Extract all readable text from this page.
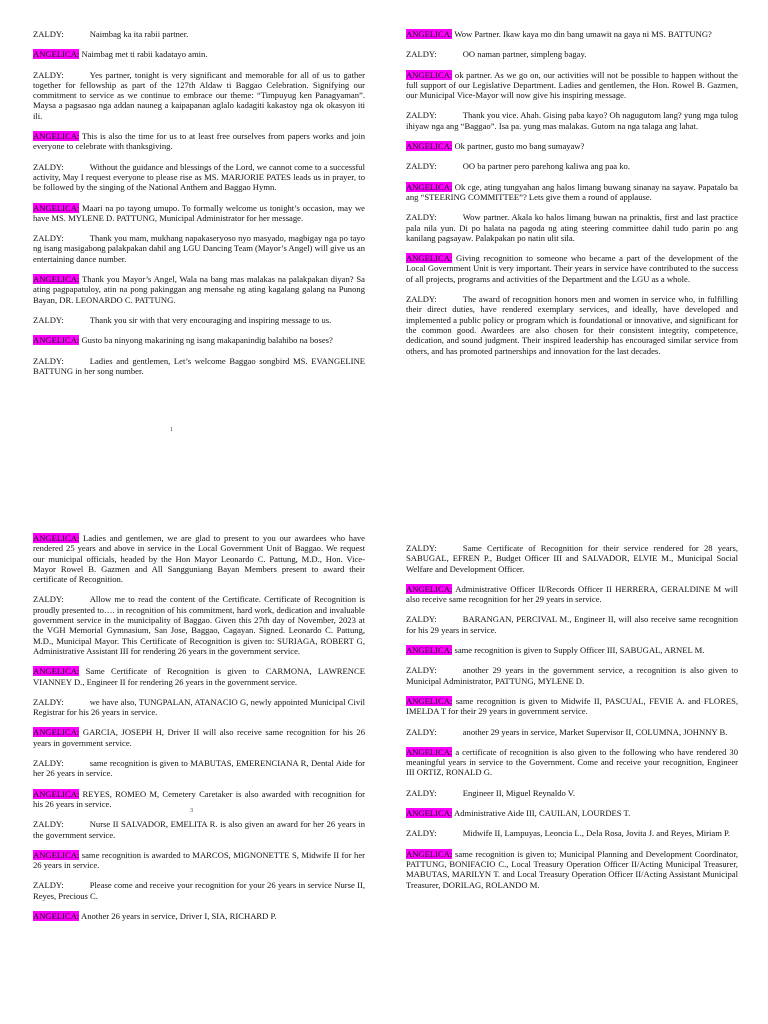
ZALDY:	Naimbag ka ita rabii partner.
ANGELICA: Naimbag met ti rabii kadatayo amin.
ZALDY:	Yes partner, tonight is very significant and memorable for all of us to gather together for fellowship as part of the 127th Aldaw ti Baggao Celebration. Signifying our commitment to service as we continue to embrace our theme: “Timpuyug ken Panagyaman”. Maysa a pagsasao nga addan nauneg a kaipapanan aglalo kadagiti kakastoy nga ok okasyon iti ili.
ANGELICA: This is also the time for us to at least free ourselves from papers works and join everyone to celebrate with thanksgiving.
ZALDY:	Without the guidance and blessings of the Lord, we cannot come to a successful activity, May I request everyone to please rise as MS. MARJORIE PATES leads us in prayer, to be followed by the singing of the National Anthem and Baggao Hymn.
ANGELICA: Maari na po tayong umupo. To formally welcome us tonight’s occasion, may we have MS. MYLENE D. PATTUNG, Municipal Administrator for her message.
ZALDY:	Thank you mam, mukhang napakaseryoso nyo masyado, magbigay nga po tayo ng isang masigabong palakpakan dahil ang LGU Dancing Team (Mayor’s Angel) will give us an entertaining dance number.
ANGELICA: Thank you Mayor’s Angel, Wala na bang mas malakas na palakpakan diyan? Sa ating pagpapatuloy, atin na pong pakinggan ang mensahe ng ating kagalang galang na Punong Bayan, DR. LEONARDO C. PATTUNG.
ZALDY:	Thank you sir with that very encouraging and inspiring message to us.
ANGELICA: Gusto ba ninyong makarining ng isang makapanindig balahibo na boses?
ZALDY:	Ladies and gentlemen, Let’s welcome Baggao songbird MS. EVANGELINE BATTUNG in her song number.
ANGELICA: Wow Partner. Ikaw kaya mo din bang umawit na gaya ni MS. BATTUNG?
ZALDY:	OO naman partner, simpleng bagay.
ANGELICA: ok partner. As we go on, our activities will not be possible to happen without the full support of our Legislative Department. Ladies and gentlemen, the Hon. Rowel B. Gazmen, our Municipal Vice-Mayor will now give his inspiring message.
ZALDY:	Thank you vice. Ahah. Gising paba kayo? Oh nagugutom lang? yung mga tulog ihiyaw nga ang “Baggao”. Isa pa. yung mas malakas. Gutom na nga talaga ang lahat.
ANGELICA: Ok partner, gusto mo bang sumayaw?
ZALDY:	OO ba partner pero parehong kaliwa ang paa ko.
ANGELICA: Ok cge, ating tungyahan ang halos limang buwang sinanay na sayaw. Papatalo ba ang “STEERING COMMITTEE”? Lets give them a round of applause.
ZALDY:	Wow partner. Akala ko halos limang buwan na prinaktis, first and last practice pala nila yun. Di po halata na pagoda ng ating steering committee dahil tudo parin po ang kanilang pagsayaw. Palakpakan po natin ulit sila.
ANGELICA: Giving recognition to someone who became a part of the development of the Local Government Unit is very important. Their years in service have contributed to the success of all projects, programs and activities of the Department and the LGU as a whole.
ZALDY:	The award of recognition honors men and women in service who, in fulfilling their direct duties, have rendered exemplary services, and ideally, have developed and implemented a public policy or program which is foundational or innovative, and significant for the common good. Awardees are also chosen for their consistent integrity, competence, dedication, and sound judgment. Their inspired leadership has encouraged similar service from others, and has promoted partnerships and innovation for the last decades.
ANGELICA: Ladies and gentlemen, we are glad to present to you our awardees who have rendered 25 years and above in service in the Local Government Unit of Baggao. We request our municipal officials, headed by the Hon Mayor Leonardo C. Pattung, M.D., Hon. Vice-Mayor Rowel B. Gazmen and All Sangguniang Bayan Members present to award their certificate of Recognition.
ZALDY:	Allow me to read the content of the Certificate. Certificate of Recognition is proudly presented to…. in recognition of his commitment, hard work, dedication and invaluable government service in the municipality of Baggao. Given this 27th day of November, 2023 at the VGH Memorial Gymnasium, San Jose, Baggao, Cagayan. Signed. Leonardo C. Pattung, M.D., Municipal Mayor. This Certificate of Recognition is given to: SURIAGA, ROBERT G, Administrative Assistant III for rendering 26 years in the government service.
ANGELICA: Same Certificate of Recognition is given to CARMONA, LAWRENCE VIANNEY D., Engineer II for rendering 26 years in the government service.
ZALDY:	we have also, TUNGPALAN, ATANACIO G, newly appointed Municipal Civil Registrar for his 26 years in service.
ANGELICA: GARCIA, JOSEPH H, Driver II will also receive same recognition for his 26 years in government service.
ZALDY:	same recognition is given to MABUTAS, EMERENCIANA R, Dental Aide for her 26 years in service.
ANGELICA: REYES, ROMEO M, Cemetery Caretaker is also awarded with recognition for his 26 years in service.
ZALDY:	Nurse II SALVADOR, EMELITA R. is also given an award for her 26 years in the government service.
ANGELICA: same recognition is awarded to MARCOS, MIGNONETTE S, Midwife II for her 26 years in service.
ZALDY:	Please come and receive your recognition for your 26 years in service Nurse II, Reyes, Precious C.
ANGELICA: Another 26 years in service, Driver I, SIA, RICHARD P.
ZALDY:	Same Certificate of Recognition for their service rendered for 28 years, SABUGAL, EFREN P., Budget Officer III and SALVADOR, ELVIE M., Municipal Social Welfare and Development Officer.
ANGELICA: Administrative Officer II/Records Officer II HERRERA, GERALDINE M will also receive same recognition for her 29 years in service.
ZALDY:	BARANGAN, PERCIVAL M., Engineer II, will also receive same recognition for his 29 years in service.
ANGELICA: same recognition is given to Supply Officer III, SABUGAL, ARNEL M.
ZALDY:	another 29 years in the government service, a recognition is also given to Municipal Administrator, PATTUNG, MYLENE D.
ANGELICA: same recognition is given to Midwife II, PASCUAL, FEVIE A. and FLORES, IMELDA T for their 29 years in government service.
ZALDY:	another 29 years in service, Market Supervisor II, COLUMNA, JOHNNY B.
ANGELICA: a certificate of recognition is also given to the following who have rendered 30 meaningful years in service to the Government. Come and receive your recognition, Engineer III ORTIZ, RONALD G.
ZALDY:	Engineer II, Miguel Reynaldo V.
ANGELICA: Administrative Aide III, CAUILAN, LOURDES T.
ZALDY:	Midwife II, Lampuyas, Leoncia L., Dela Rosa, Jovita J. and Reyes, Miriam P.
ANGELICA: same recognition is given to; Municipal Planning and Development Coordinator, PATTUNG, BONIFACIO C., Local Treasury Operation Officer II/Acting Municipal Treasurer, MABUTAS, MARILYN T. and Local Treasury Operation Officer II/Acting Assistant Municipal Treasurer, DORILAG, ROLANDO M.
1
3
